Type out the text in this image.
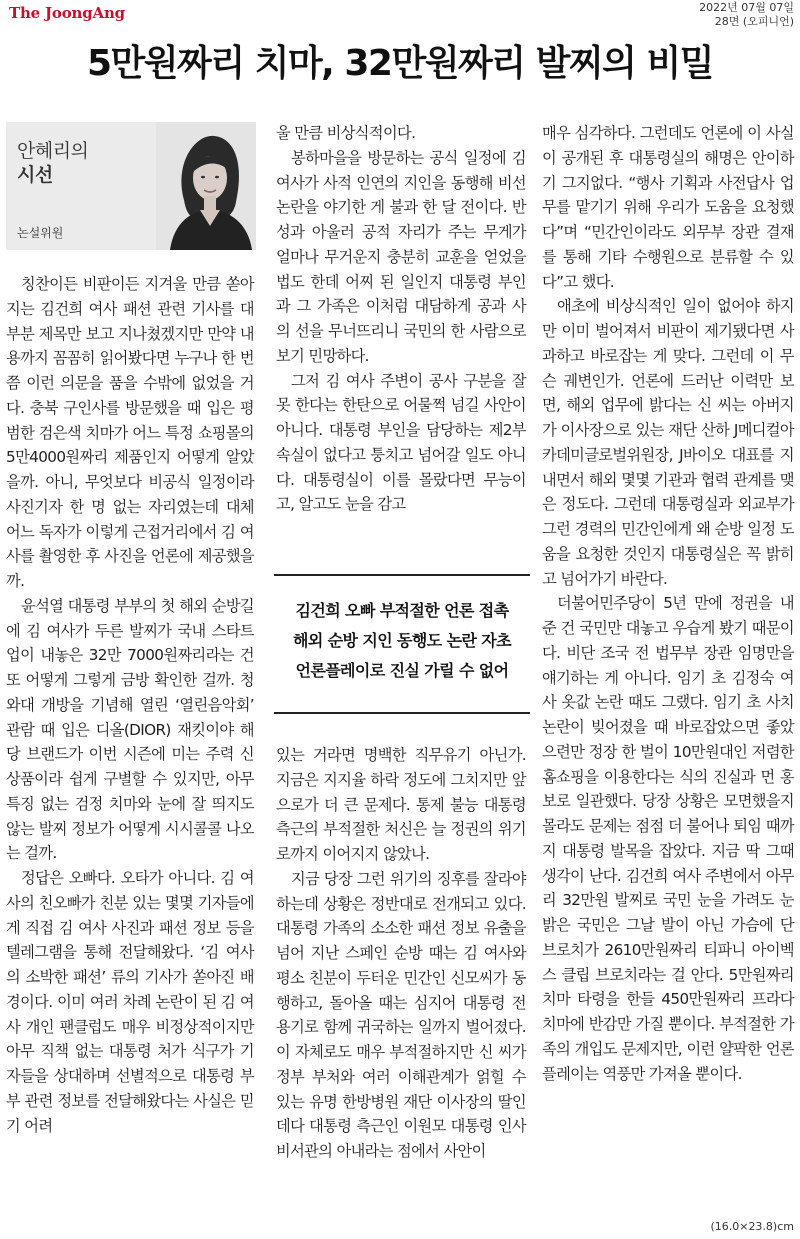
The JoongAng	2022년 07월 07일
28면 (오피니언)
5만원짜리 치마, 32만원짜리 발찌의 비밀
안혜리의
시선
논설위원

칭찬이든 비판이든 지겨울 만큼 쏟아지는 김건희 여사 패션 관련 기사를 대부분 제목만 보고 지나쳤겠지만 만약 내용까지 꼼꼼히 읽어봤다면 누구나 한 번쯤 이런 의문을 품을 수밖에 없었을 거다. 충북 구인사를 방문했을 때 입은 평범한 검은색 치마가 어느 특정 쇼핑몰의 5만4000원짜리 제품인지 어떻게 알았을까. 아니, 무엇보다 비공식 일정이라 사진기자 한 명 없는 자리였는데 대체 어느 독자가 이렇게 근접거리에서 김 여사를 촬영한 후 사진을 언론에 제공했을까.

윤석열 대통령 부부의 첫 해외 순방길에 김 여사가 두른 발찌가 국내 스타트업이 내놓은 32만 7000원짜리라는 건 또 어떻게 그렇게 금방 확인한 걸까. 청와대 개방을 기념해 열린 ‘열린음악회’ 관람 때 입은 디올(DIOR) 재킷이야 해당 브랜드가 이번 시즌에 미는 주력 신상품이라 쉽게 구별할 수 있지만, 아무 특징 없는 검정 치마와 눈에 잘 띄지도 않는 발찌 정보가 어떻게 시시콜콜 나오는 걸까.

정답은 오빠다. 오타가 아니다. 김 여사의 친오빠가 친분 있는 몇몇 기자들에게 직접 김 여사 사진과 패션 정보 등을 텔레그램을 통해 전달해왔다. ‘김 여사의 소박한 패션’ 류의 기사가 쏟아진 배경이다. 이미 여러 차례 논란이 된 김 여사 개인 팬클럽도 매우 비정상적이지만 아무 직책 없는 대통령 처가 식구가 기자들을 상대하며 선별적으로 대통령 부부 관련 정보를 전달해왔다는 사실은 믿기 어려

울 만큼 비상식적이다.

봉하마을을 방문하는 공식 일정에 김 여사가 사적 인연의 지인을 동행해 비선 논란을 야기한 게 불과 한 달 전이다. 반성과 아울러 공적 자리가 주는 무게가 얼마나 무거운지 충분히 교훈을 얻었을 법도 한데 어찌 된 일인지 대통령 부인과 그 가족은 이처럼 대담하게 공과 사의 선을 무너뜨리니 국민의 한 사람으로 보기 민망하다.

그저 김 여사 주변이 공사 구분을 잘못 한다는 한탄으로 어물쩍 넘길 사안이 아니다. 대통령 부인을 담당하는 제2부속실이 없다고 퉁치고 넘어갈 일도 아니다. 대통령실이 이를 몰랐다면 무능이고, 알고도 눈을 감고

김건희 오빠 부적절한 언론 접촉
해외 순방 지인 동행도 논란 자초
언론플레이로 진실 가릴 수 없어

있는 거라면 명백한 직무유기 아닌가. 지금은 지지율 하락 정도에 그치지만 앞으로가 더 큰 문제다. 통제 불능 대통령 측근의 부적절한 처신은 늘 정권의 위기로까지 이어지지 않았나.

지금 당장 그런 위기의 징후를 잘라야 하는데 상황은 정반대로 전개되고 있다. 대통령 가족의 소소한 패션 정보 유출을 넘어 지난 스페인 순방 때는 김 여사와 평소 친분이 두터운 민간인 신모씨가 동행하고, 돌아올 때는 심지어 대통령 전용기로 함께 귀국하는 일까지 벌어졌다. 이 자체로도 매우 부적절하지만 신 씨가 정부 부처와 여러 이해관계가 얽힐 수 있는 유명 한방병원 재단 이사장의 딸인 데다 대통령 측근인 이원모 대통령 인사비서관의 아내라는 점에서 사안이

매우 심각하다. 그런데도 언론에 이 사실이 공개된 후 대통령실의 해명은 안이하기 그지없다. “행사 기획과 사전답사 업무를 맡기기 위해 우리가 도움을 요청했다”며 “민간인이라도 외무부 장관 결재를 통해 기타 수행원으로 분류할 수 있다”고 했다.

애초에 비상식적인 일이 없어야 하지만 이미 벌어져서 비판이 제기됐다면 사과하고 바로잡는 게 맞다. 그런데 이 무슨 궤변인가. 언론에 드러난 이력만 보면, 해외 업무에 밝다는 신 씨는 아버지가 이사장으로 있는 재단 산하 J메디컬아카데미글로벌위원장, J바이오 대표를 지내면서 해외 몇몇 기관과 협력 관계를 맺은 정도다. 그런데 대통령실과 외교부가 그런 경력의 민간인에게 왜 순방 일정 도움을 요청한 것인지 대통령실은 꼭 밝히고 넘어가기 바란다.

더불어민주당이 5년 만에 정권을 내준 건 국민만 대놓고 우습게 봤기 때문이다. 비단 조국 전 법무부 장관 임명만을 얘기하는 게 아니다. 임기 초 김정숙 여사 옷값 논란 때도 그랬다. 임기 초 사치 논란이 빚어졌을 때 바로잡았으면 좋았으련만 정장 한 벌이 10만원대인 저렴한 홈쇼핑을 이용한다는 식의 진실과 먼 홍보로 일관했다. 당장 상황은 모면했을지 몰라도 문제는 점점 더 불어나 퇴임 때까지 대통령 발목을 잡았다. 지금 딱 그때 생각이 난다. 김건희 여사 주변에서 아무리 32만원 발찌로 국민 눈을 가려도 눈 밝은 국민은 그날 발이 아닌 가슴에 단 브로치가 2610만원짜리 티파니 아이벡스 클립 브로치라는 걸 안다. 5만원짜리 치마 타령을 한들 450만원짜리 프라다 치마에 반감만 가질 뿐이다. 부적절한 가족의 개입도 문제지만, 이런 얄팍한 언론플레이는 역풍만 가져올 뿐이다.

(16.0×23.8)cm
